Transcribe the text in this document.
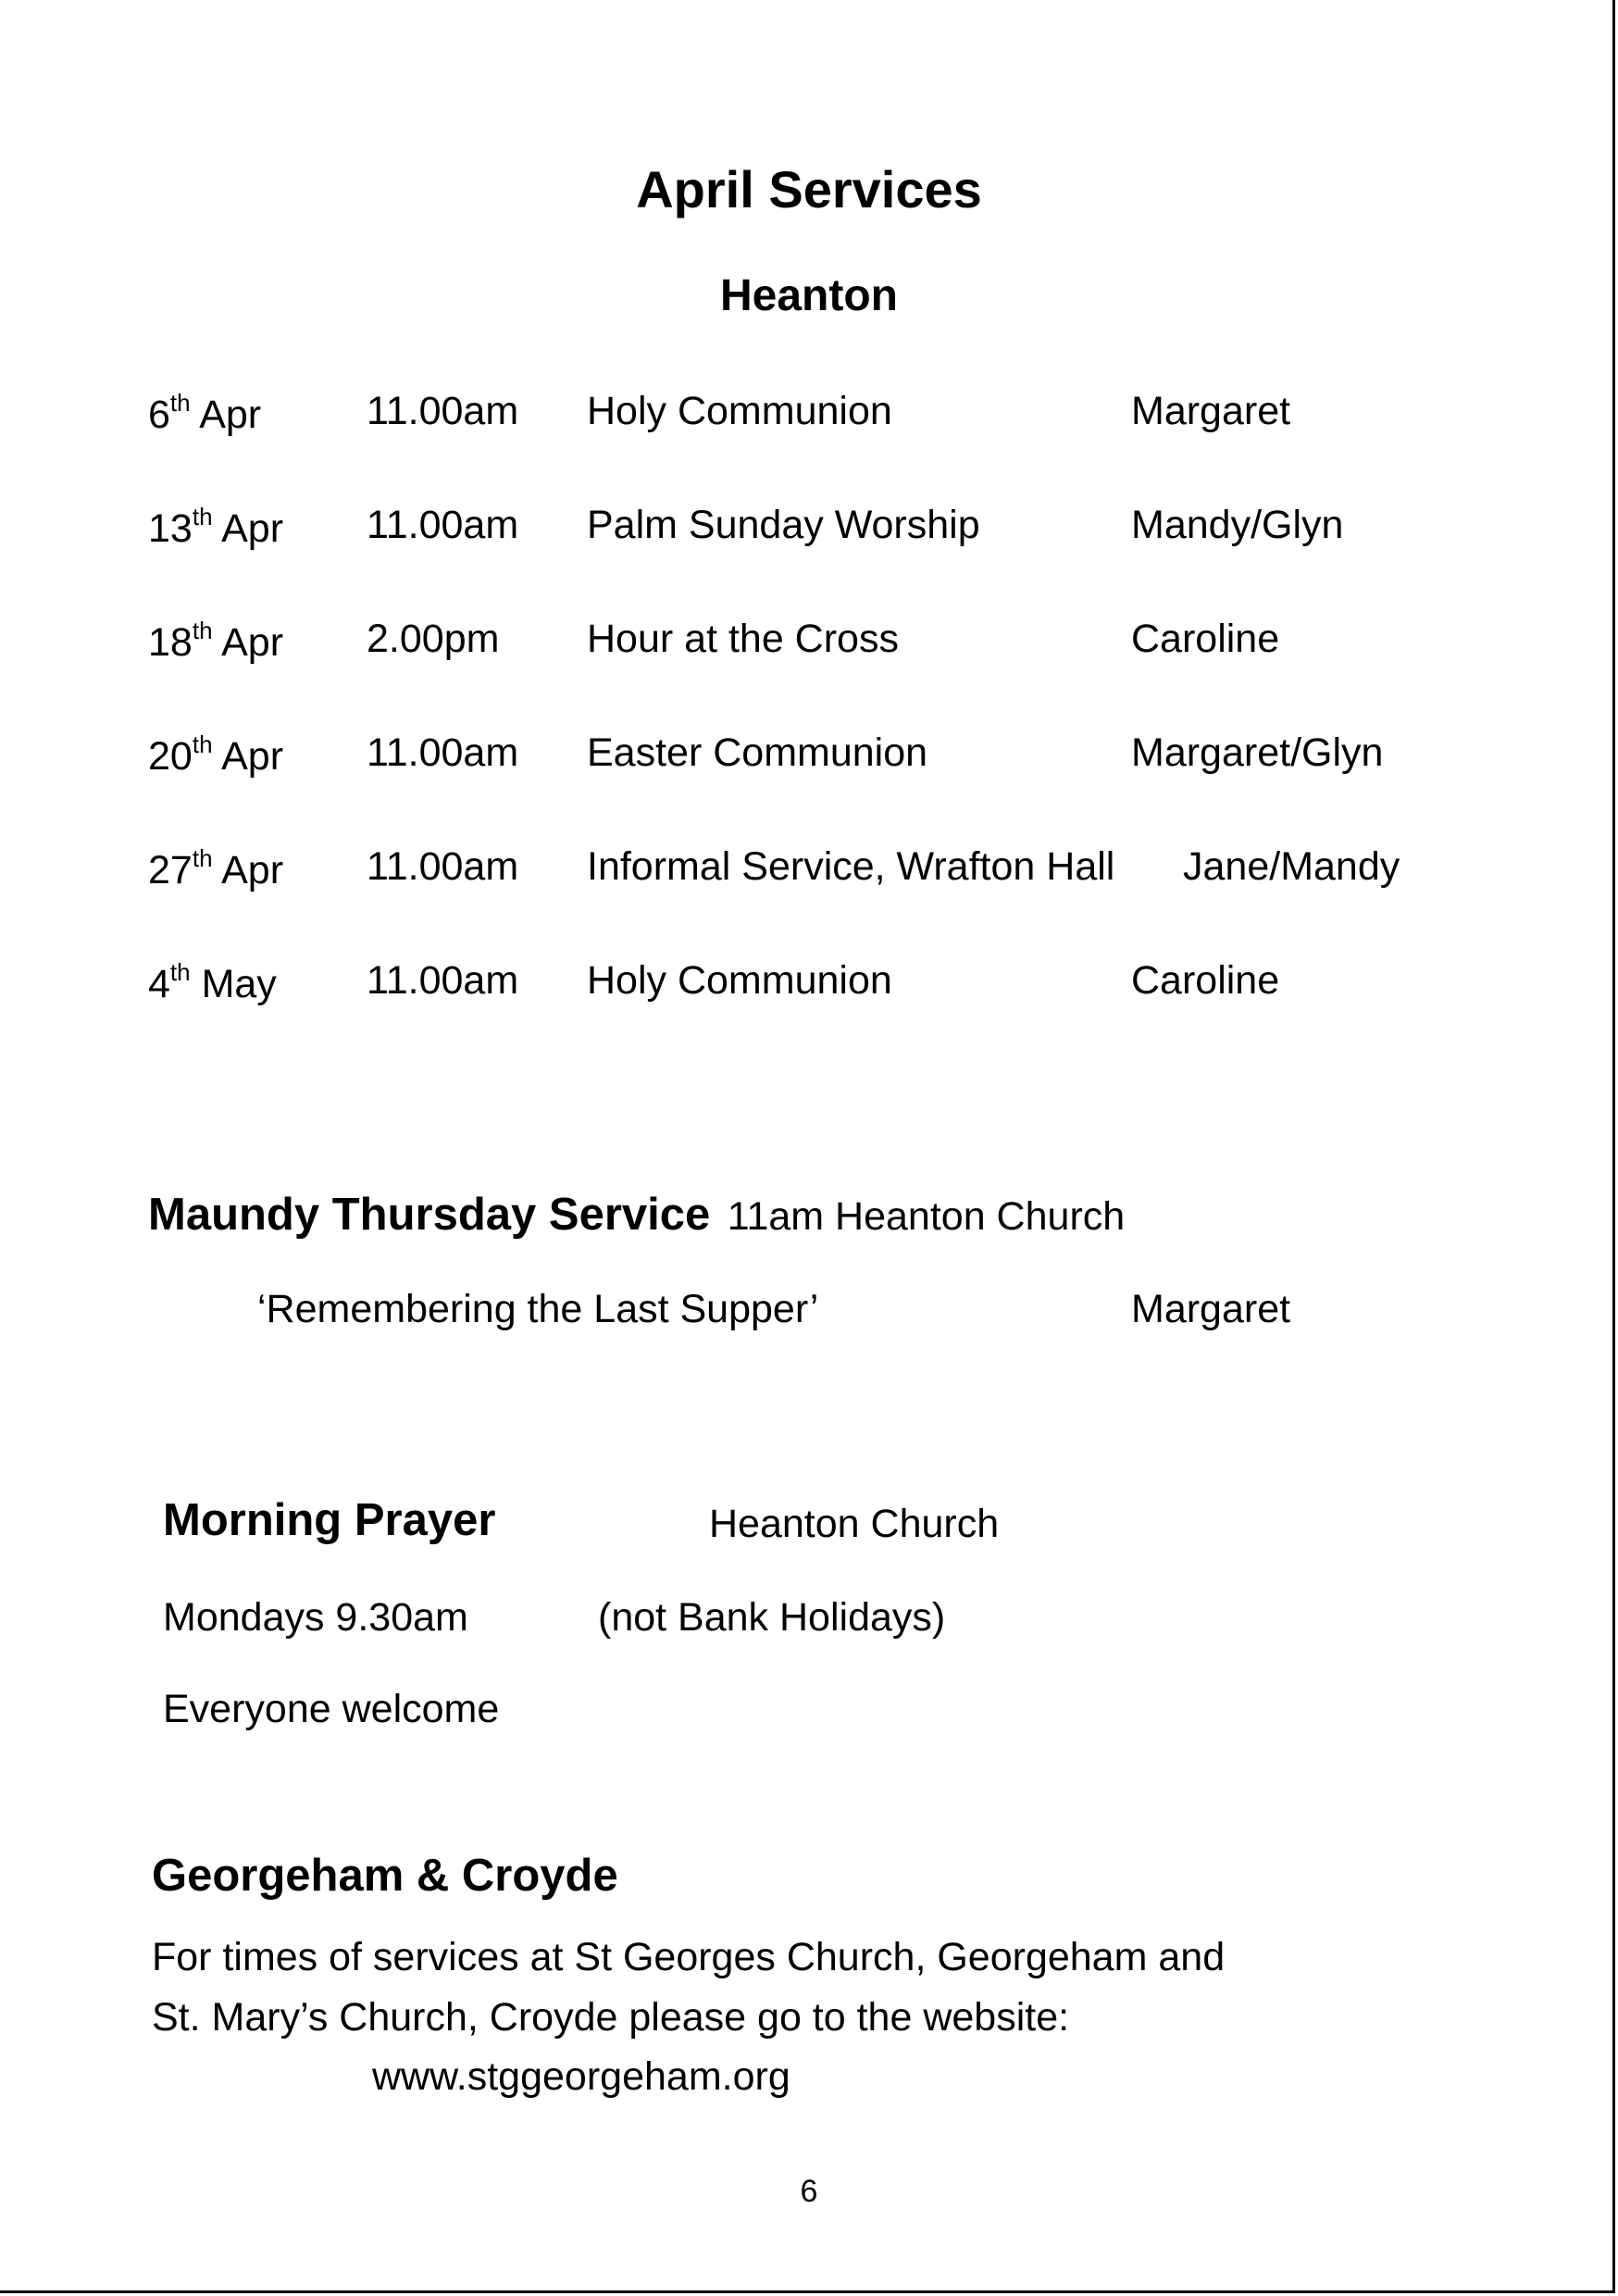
April Services
Heanton
6th Apr	11.00am Holy Communion	Margaret
13th Apr 11.00am Palm Sunday Worship	Mandy/Glyn
18th Apr 2.00pm Hour at the Cross	Caroline
20th Apr 11.00am Easter Communion	Margaret/Glyn
27th Apr 11.00am Informal Service, Wrafton Hall Jane/Mandy
4th May 11.00am Holy Communion	Caroline
Maundy Thursday Service 11am Heanton Church
‘Remembering the Last Supper’	Margaret
Morning Prayer	Heanton Church
Mondays 9.30am	(not Bank Holidays)
Everyone welcome
Georgeham & Croyde
For times of services at St Georges Church, Georgeham and
St. Mary’s Church, Croyde please go to the website:
www.stggeorgeham.org
6
